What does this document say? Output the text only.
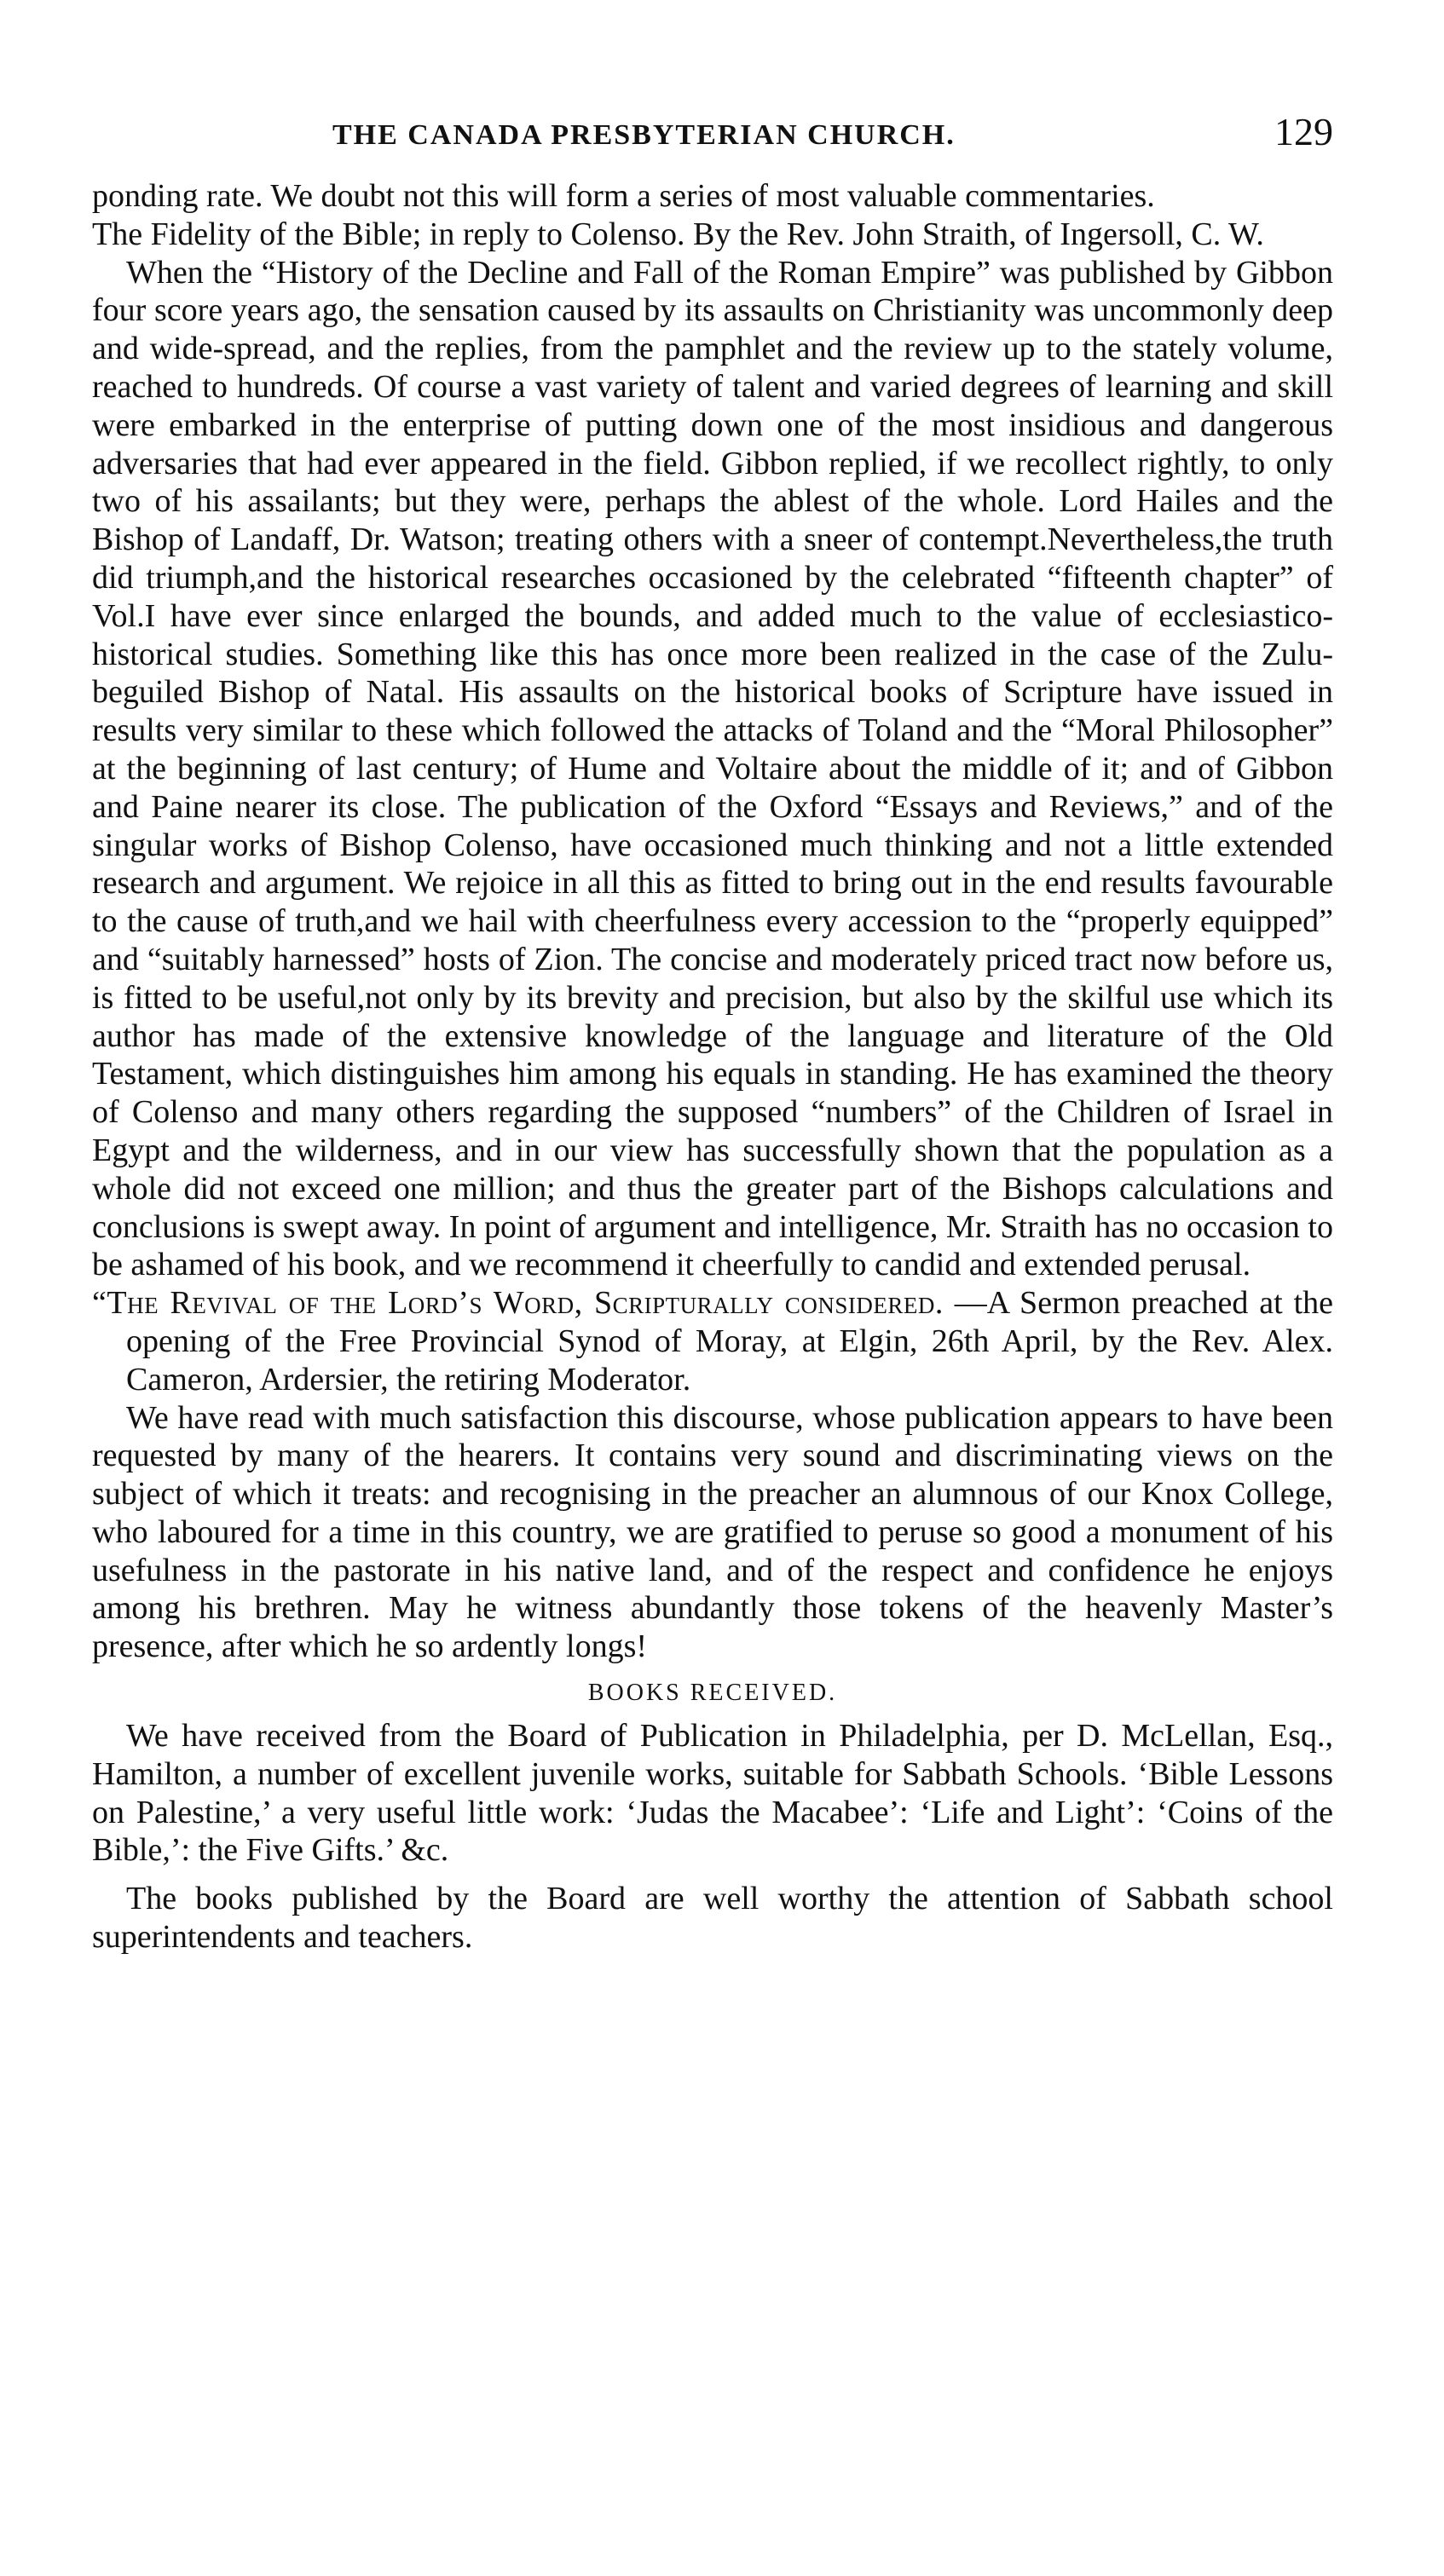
THE CANADA PRESBYTERIAN CHURCH.	129

ponding rate. We doubt not this will form a series of most valuable commentaries.

The Fidelity of the Bible; in reply to Colenso. By the Rev. John Straith, of Ingersoll, C. W.

When the “History of the Decline and Fall of the Roman Empire” was published by Gibbon four score years ago, the sensation caused by its assaults on Christianity was uncommonly deep and wide-spread, and the replies, from the pamphlet and the review up to the stately volume, reached to hundreds. Of course a vast variety of talent and varied degrees of learning and skill were embarked in the enterprise of putting down one of the most insidious and dangerous adversaries that had ever appeared in the field. Gibbon replied, if we recollect rightly, to only two of his assailants; but they were, perhaps the ablest of the whole. Lord Hailes and the Bishop of Landaff, Dr. Watson; treating others with a sneer of contempt.Nevertheless,the truth did triumph,and the historical researches occasioned by the celebrated “fifteenth chapter” of Vol.I have ever since enlarged the bounds, and added much to the value of ecclesiastico-historical studies. Something like this has once more been realized in the case of the Zulu-beguiled Bishop of Natal. His assaults on the historical books of Scripture have issued in results very similar to these which followed the attacks of Toland and the “Moral Philosopher” at the beginning of last century; of Hume and Voltaire about the middle of it; and of Gibbon and Paine nearer its close. The publication of the Oxford “Essays and Reviews,” and of the singular works of Bishop Colenso, have occasioned much thinking and not a little extended research and argument. We rejoice in all this as fitted to bring out in the end results favourable to the cause of truth,and we hail with cheerfulness every accession to the “properly equipped” and “suitably harnessed” hosts of Zion. The concise and moderately priced tract now before us, is fitted to be useful,not only by its brevity and precision, but also by the skilful use which its author has made of the extensive knowledge of the language and literature of the Old Testament, which distinguishes him among his equals in standing. He has examined the theory of Colenso and many others regarding the supposed “numbers” of the Children of Israel in Egypt and the wilderness, and in our view has successfully shown that the population as a whole did not exceed one million; and thus the greater part of the Bishops calculations and conclusions is swept away. In point of argument and intelligence, Mr. Straith has no occasion to be ashamed of his book, and we recommend it cheerfully to candid and extended perusal.

“The Revival of the Lord’s Word, Scripturally considered. —A Sermon preached at the opening of the Free Provincial Synod of Moray, at Elgin, 26th April, by the Rev. Alex. Cameron, Ardersier, the retiring Moderator.

We have read with much satisfaction this discourse, whose publication appears to have been requested by many of the hearers. It contains very sound and discriminating views on the subject of which it treats: and recognising in the preacher an alumnous of our Knox College, who laboured for a time in this country, we are gratified to peruse so good a monument of his usefulness in the pastorate in his native land, and of the respect and confidence he enjoys among his brethren. May he witness abundantly those tokens of the heavenly Master’s presence, after which he so ardently longs!

BOOKS RECEIVED.

We have received from the Board of Publication in Philadelphia, per D. McLellan, Esq., Hamilton, a number of excellent juvenile works, suitable for Sabbath Schools. ‘Bible Lessons on Palestine,’ a very useful little work: ‘Judas the Macabee’: ‘Life and Light’: ‘Coins of the Bible,’: the Five Gifts.’ &c.

The books published by the Board are well worthy the attention of Sabbath school superintendents and teachers.
